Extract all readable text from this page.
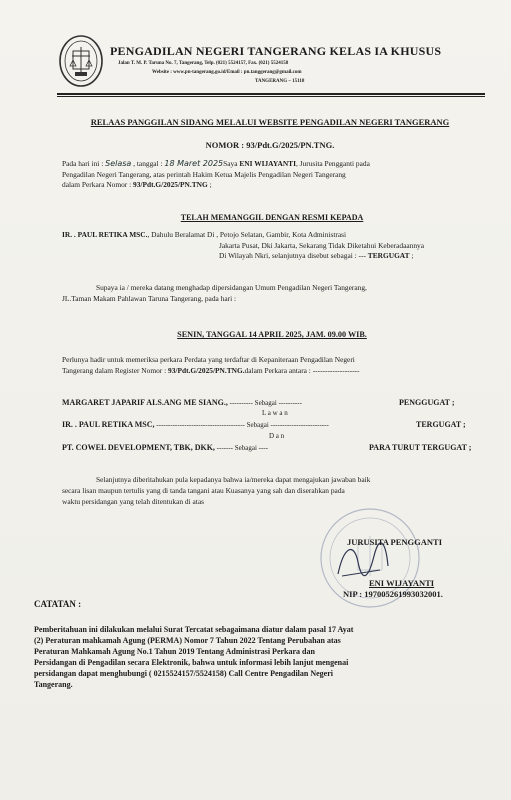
PENGADILAN NEGERI TANGERANG KELAS IA KHUSUS
Jalan T. M. P. Taruna No. 7, Tangerang, Telp. (021) 5524157, Fax. (021) 5524158
Website : www.pn-tangerang.go.id/Email : pn.tanggerang@gmail.com
TANGERANG – 15118
RELAAS PANGGILAN SIDANG MELALUI WEBSITE PENGADILAN NEGERI TANGERANG
NOMOR : 93/Pdt.G/2025/PN.TNG.
Pada hari ini : Selasa , tanggal : 18 Maret 2025Saya ENI WIJAYANTI, Jurusita Pengganti pada
Pengadilan Negeri Tangerang, atas perintah Hakim Ketua Majelis Pengadilan Negeri Tangerang
dalam Perkara Nomor : 93/Pdt.G/2025/PN.TNG ;
TELAH MEMANGGIL DENGAN RESMI KEPADA
IR. . PAUL RETIKA MSC., Dahulu Beralamat Di , Petojo Selatan, Gambir, Kota Administrasi
Jakarta Pusat, Dki Jakarta, Sekarang Tidak Diketahui Keberadaannya
Di Wilayah Nkri, selanjutnya disebut sebagai : --- TERGUGAT ;
Supaya ia / mereka datang menghadap dipersidangan Umum Pengadilan Negeri Tangerang,
JL.Taman Makam Pahlawan Taruna Tangerang, pada hari :
SENIN, TANGGAL 14 APRIL 2025, JAM. 09.00 WIB.
Perlunya hadir untuk memeriksa perkara Perdata yang terdaftar di Kepaniteraan Pengadilan Negeri
Tangerang dalam Register Nomor : 93/Pdt.G/2025/PN.TNG.dalam Perkara antara : -------------------
MARGARET JAPARIF ALS.ANG ME SIANG., ---------- Sebagai ----------	PENGGUGAT ;
L a w a n
IR. . PAUL RETIKA MSC, -------------------------------------- Sebagai -------------------------	TERGUGAT ;
D a n
PT. COWEL DEVELOPMENT, TBK, DKK, ------- Sebagai ----	PARA TURUT TERGUGAT ;
Selanjutnya diberitahukan pula kepadanya bahwa ia/mereka dapat mengajukan jawaban baik
secara lisan maupun tertulis yang di tanda tangani atau Kuasanya yang sah dan diserahkan pada
waktu persidangan yang telah ditentukan di atas
JURUSITA PENGGANTI
ENI WIJAYANTI
NIP : 197005261993032001.
CATATAN :
Pemberitahuan ini dilakukan melalui Surat Tercatat sebagaimana diatur dalam pasal 17 Ayat
(2) Peraturan mahkamah Agung (PERMA) Nomor 7 Tahun 2022 Tentang Perubahan atas
Peraturan Mahkamah Agung No.1 Tahun 2019 Tentang Administrasi Perkara dan
Persidangan di Pengadilan secara Elektronik, bahwa untuk informasi lebih lanjut mengenai
persidangan dapat menghubungi ( 0215524157/5524158) Call Centre Pengadilan Negeri
Tangerang.
